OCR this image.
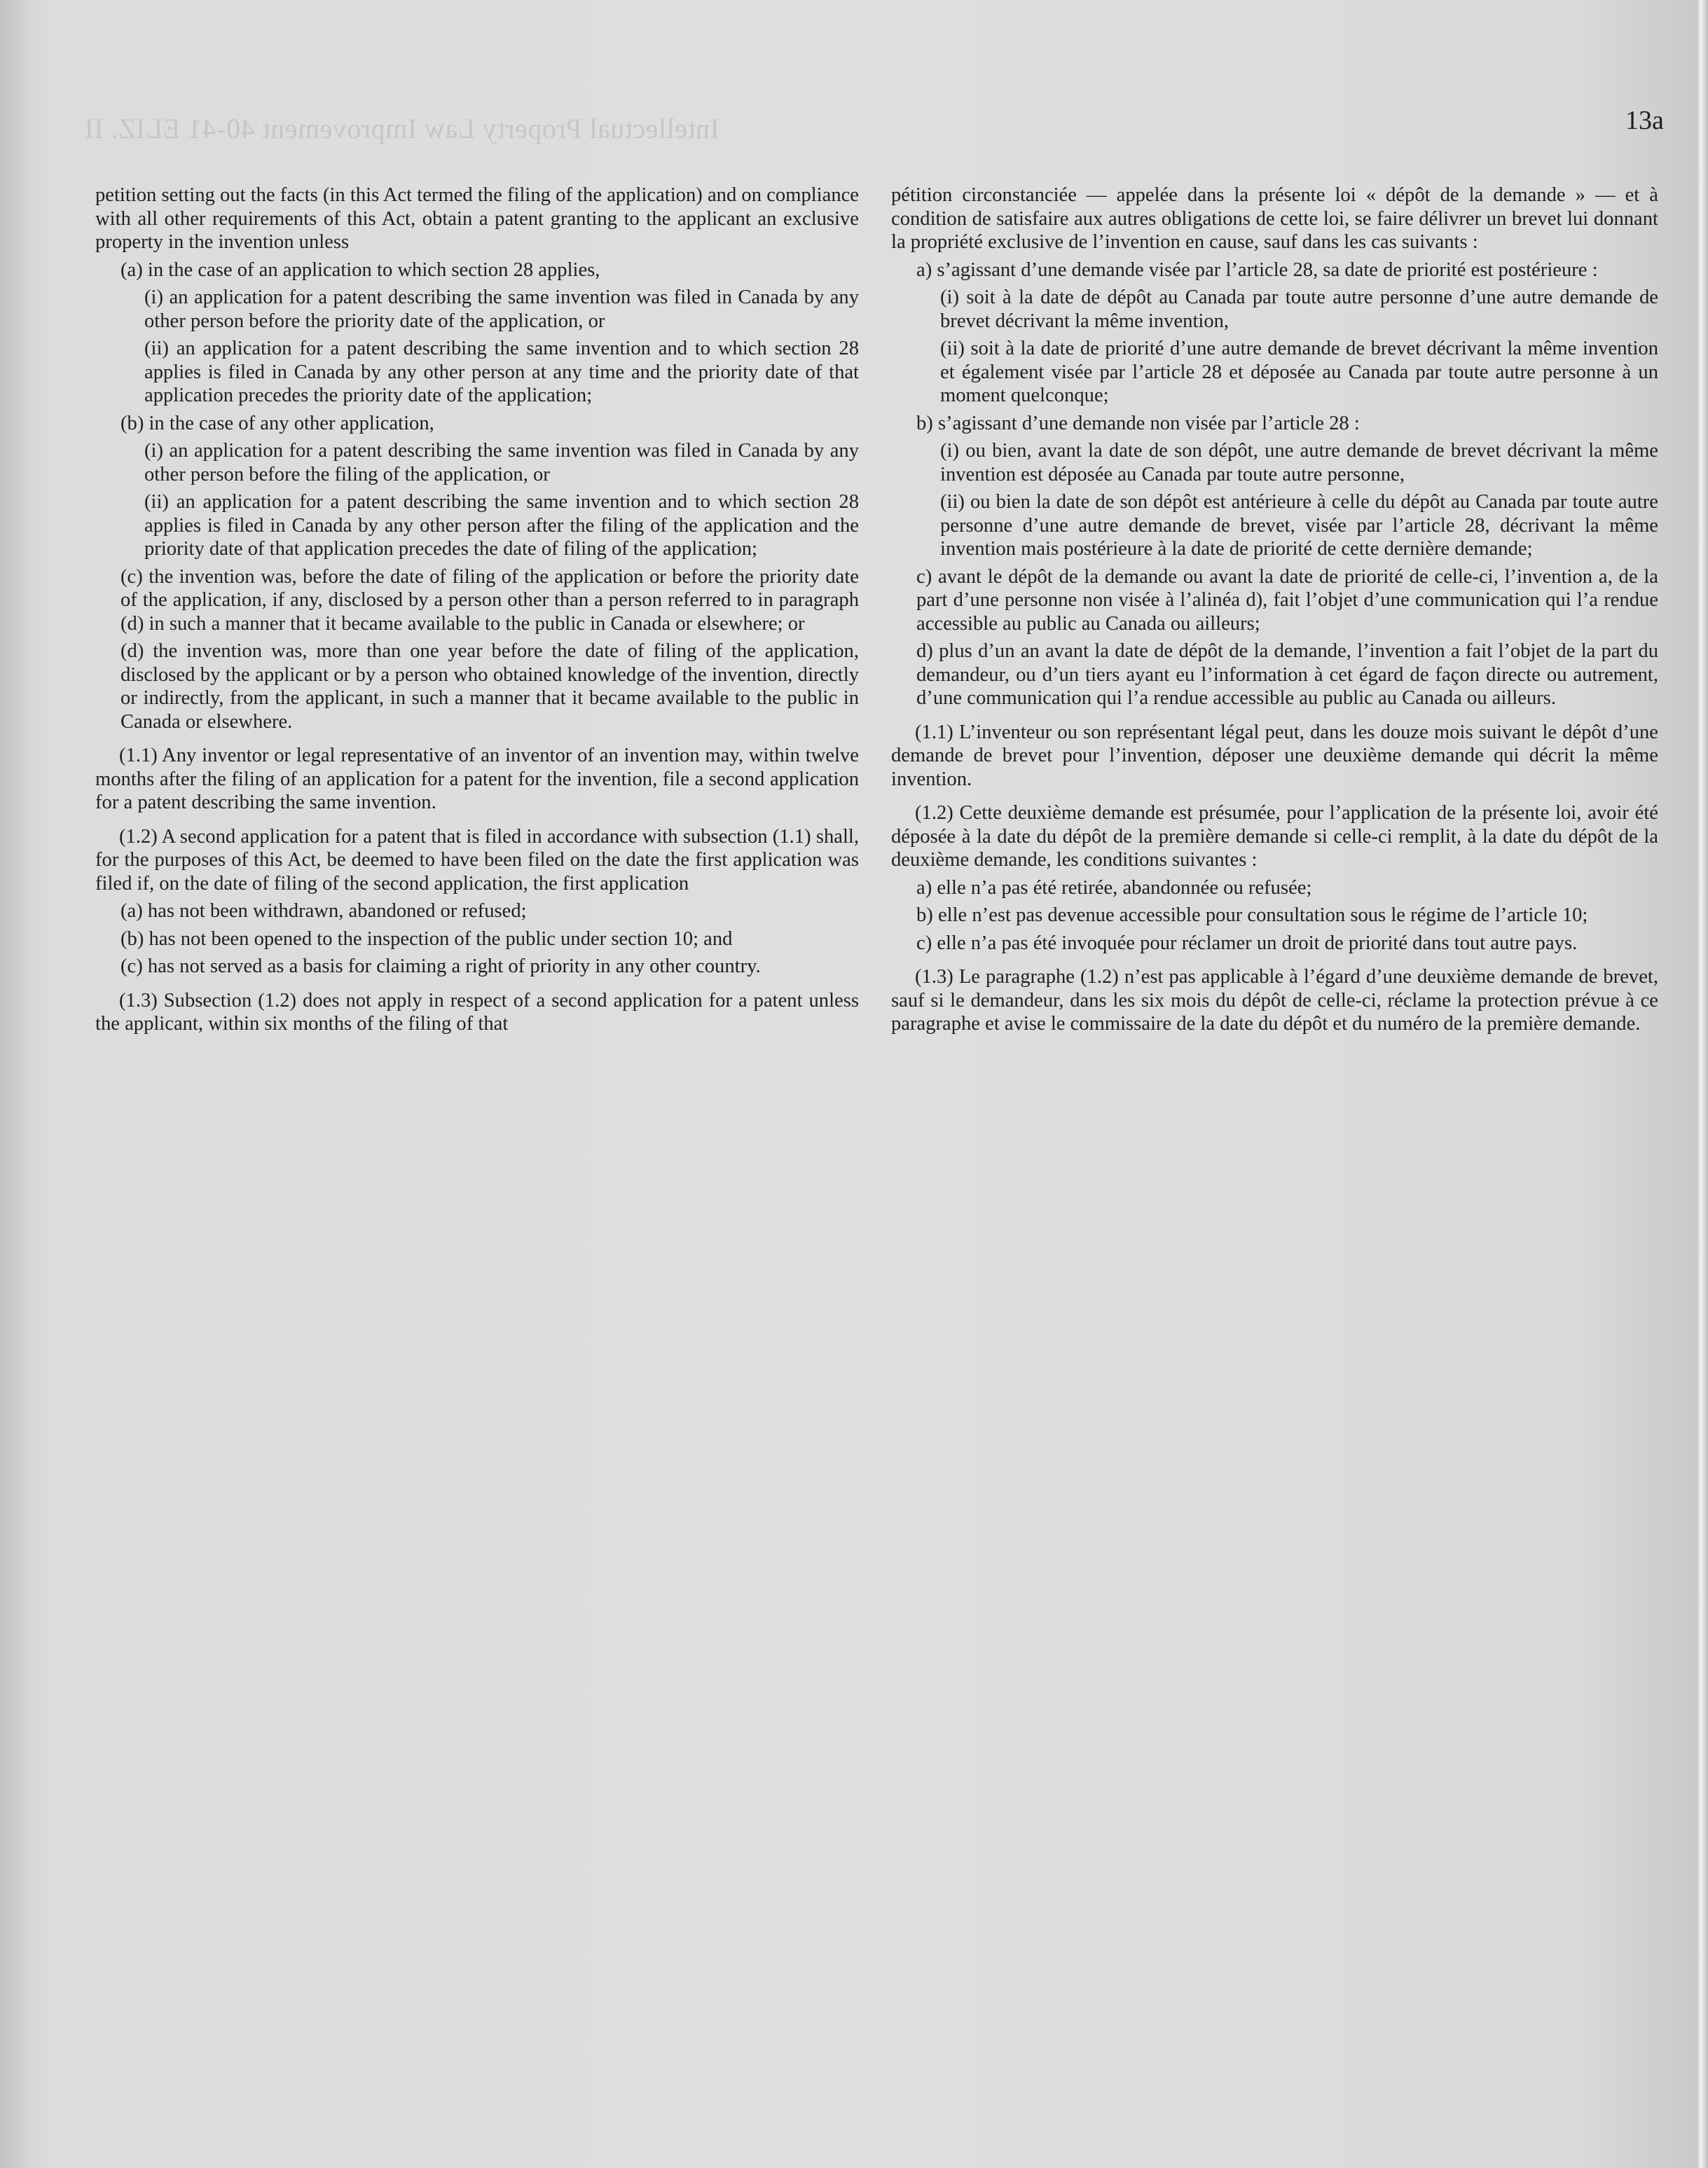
Intellectual Property Law Improvement 40-41 ELIZ. II	13a

petition setting out the facts (in this Act termed the filing of the application) and on compliance with all other requirements of this Act, obtain a patent granting to the applicant an exclusive property in the invention unless

(a) in the case of an application to which section 28 applies,

(i) an application for a patent describing the same invention was filed in Canada by any other person before the priority date of the application, or

(ii) an application for a patent describing the same invention and to which section 28 applies is filed in Canada by any other person at any time and the priority date of that application precedes the priority date of the application;

(b) in the case of any other application,

(i) an application for a patent describing the same invention was filed in Canada by any other person before the filing of the application, or

(ii) an application for a patent describing the same invention and to which section 28 applies is filed in Canada by any other person after the filing of the application and the priority date of that application precedes the date of filing of the application;

(c) the invention was, before the date of filing of the application or before the priority date of the application, if any, disclosed by a person other than a person referred to in paragraph (d) in such a manner that it became available to the public in Canada or elsewhere; or

(d) the invention was, more than one year before the date of filing of the application, disclosed by the applicant or by a person who obtained knowledge of the invention, directly or indirectly, from the applicant, in such a manner that it became available to the public in Canada or elsewhere.

(1.1) Any inventor or legal representative of an inventor of an invention may, within twelve months after the filing of an application for a patent for the invention, file a second application for a patent describing the same invention.

(1.2) A second application for a patent that is filed in accordance with subsection (1.1) shall, for the purposes of this Act, be deemed to have been filed on the date the first application was filed if, on the date of filing of the second application, the first application

(a) has not been withdrawn, abandoned or refused;

(b) has not been opened to the inspection of the public under section 10; and

(c) has not served as a basis for claiming a right of priority in any other country.

(1.3) Subsection (1.2) does not apply in respect of a second application for a patent unless the applicant, within six months of the filing of that

pétition circonstanciée — appelée dans la présente loi « dépôt de la demande » — et à condition de satisfaire aux autres obligations de cette loi, se faire délivrer un brevet lui donnant la propriété exclusive de l’invention en cause, sauf dans les cas suivants :

a) s’agissant d’une demande visée par l’article 28, sa date de priorité est postérieure :

(i) soit à la date de dépôt au Canada par toute autre personne d’une autre demande de brevet décrivant la même invention,

(ii) soit à la date de priorité d’une autre demande de brevet décrivant la même invention et également visée par l’article 28 et déposée au Canada par toute autre personne à un moment quelconque;

b) s’agissant d’une demande non visée par l’article 28 :

(i) ou bien, avant la date de son dépôt, une autre demande de brevet décrivant la même invention est déposée au Canada par toute autre personne,

(ii) ou bien la date de son dépôt est antérieure à celle du dépôt au Canada par toute autre personne d’une autre demande de brevet, visée par l’article 28, décrivant la même invention mais postérieure à la date de priorité de cette dernière demande;

c) avant le dépôt de la demande ou avant la date de priorité de celle-ci, l’invention a, de la part d’une personne non visée à l’alinéa d), fait l’objet d’une communication qui l’a rendue accessible au public au Canada ou ailleurs;

d) plus d’un an avant la date de dépôt de la demande, l’invention a fait l’objet de la part du demandeur, ou d’un tiers ayant eu l’information à cet égard de façon directe ou autrement, d’une communication qui l’a rendue accessible au public au Canada ou ailleurs.

(1.1) L’inventeur ou son représentant légal peut, dans les douze mois suivant le dépôt d’une demande de brevet pour l’invention, déposer une deuxième demande qui décrit la même invention.

(1.2) Cette deuxième demande est présumée, pour l’application de la présente loi, avoir été déposée à la date du dépôt de la première demande si celle-ci remplit, à la date du dépôt de la deuxième demande, les conditions suivantes :

a) elle n’a pas été retirée, abandonnée ou refusée;

b) elle n’est pas devenue accessible pour consultation sous le régime de l’article 10;

c) elle n’a pas été invoquée pour réclamer un droit de priorité dans tout autre pays.

(1.3) Le paragraphe (1.2) n’est pas applicable à l’égard d’une deuxième demande de brevet, sauf si le demandeur, dans les six mois du dépôt de celle-ci, réclame la protection prévue à ce paragraphe et avise le commissaire de la date du dépôt et du numéro de la première demande.
